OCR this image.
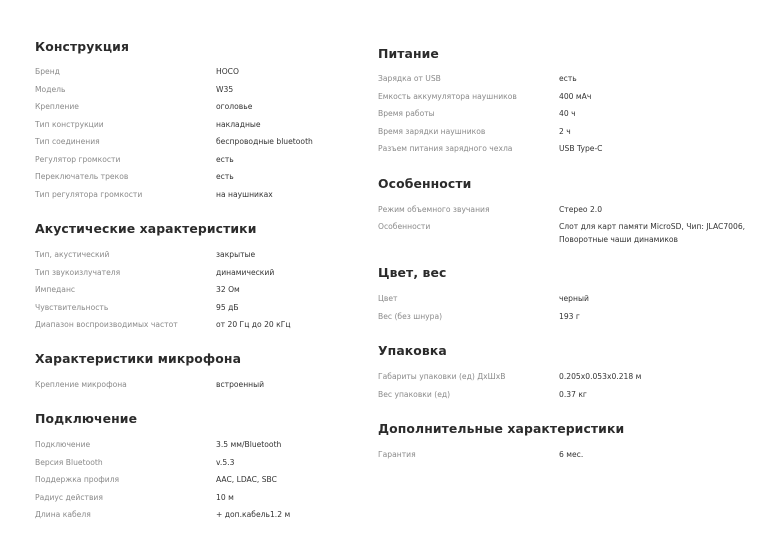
Конструкция
Бренд	HOCO
Модель	W35
Крепление	оголовье
Тип конструкции	накладные
Тип соединения	беспроводные bluetooth
Регулятор громкости	есть
Переключатель треков	есть
Тип регулятора громкости	на наушниках
Акустические характеристики
Тип, акустический	закрытые
Тип звукоизлучателя	динамический
Импеданс	32 Ом
Чувствительность	95 дБ
Диапазон воспроизводимых частот	от 20 Гц до 20 кГц
Характеристики микрофона
Крепление микрофона	встроенный
Подключение
Подключение	3.5 мм/Bluetooth
Версия Bluetooth	v.5.3
Поддержка профиля	AAC, LDAC, SBC
Радиус действия	10 м
Длина кабеля	+ доп.кабель1.2 м
Питание
Зарядка от USB	есть
Емкость аккумулятора наушников	400 мАч
Время работы	40 ч
Время зарядки наушников	2 ч
Разъем питания зарядного чехла	USB Type-C
Особенности
Режим объемного звучания	Стерео 2.0
Особенности	Слот для карт памяти MicroSD, Чип: JLAC7006, Поворотные чаши динамиков
Цвет, вес
Цвет	черный
Вес (без шнура)	193 г
Упаковка
Габариты упаковки (ед) ДхШхВ	0.205x0.053x0.218 м
Вес упаковки (ед)	0.37 кг
Дополнительные характеристики
Гарантия	6 мес.
